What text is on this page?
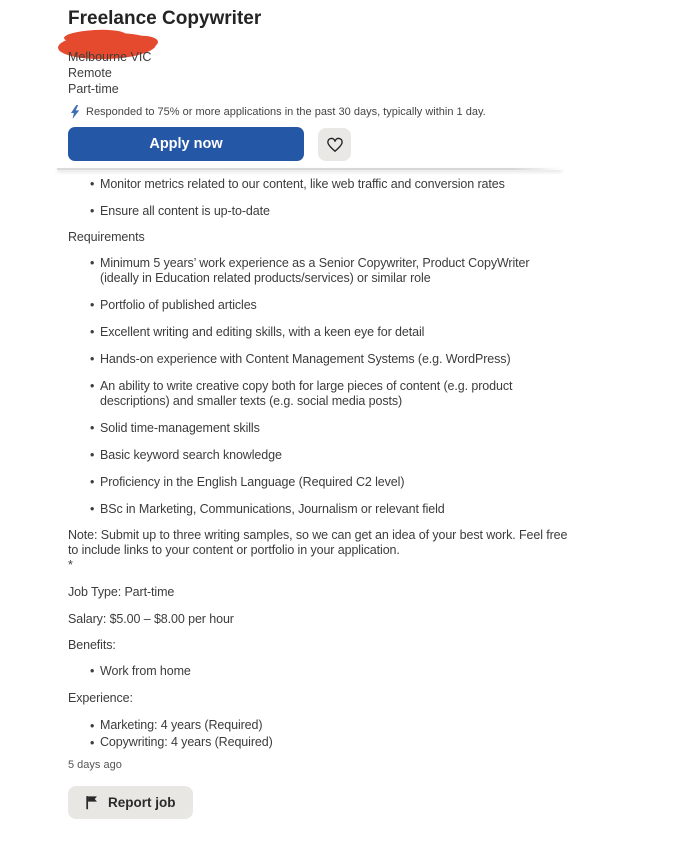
Freelance Copywriter
Melbourne VIC
Remote
Part-time
Responded to 75% or more applications in the past 30 days, typically within 1 day.
Apply now
• Monitor metrics related to our content, like web traffic and conversion rates
• Ensure all content is up-to-date
Requirements
• Minimum 5 years’ work experience as a Senior Copywriter, Product CopyWriter (ideally in Education related products/services) or similar role
• Portfolio of published articles
• Excellent writing and editing skills, with a keen eye for detail
• Hands-on experience with Content Management Systems (e.g. WordPress)
• An ability to write creative copy both for large pieces of content (e.g. product descriptions) and smaller texts (e.g. social media posts)
• Solid time-management skills
• Basic keyword search knowledge
• Proficiency in the English Language (Required C2 level)
• BSc in Marketing, Communications, Journalism or relevant field
Note: Submit up to three writing samples, so we can get an idea of your best work. Feel free to include links to your content or portfolio in your application.
*
Job Type: Part-time
Salary: $5.00 – $8.00 per hour
Benefits:
• Work from home
Experience:
• Marketing: 4 years (Required)
• Copywriting: 4 years (Required)
5 days ago
Report job
